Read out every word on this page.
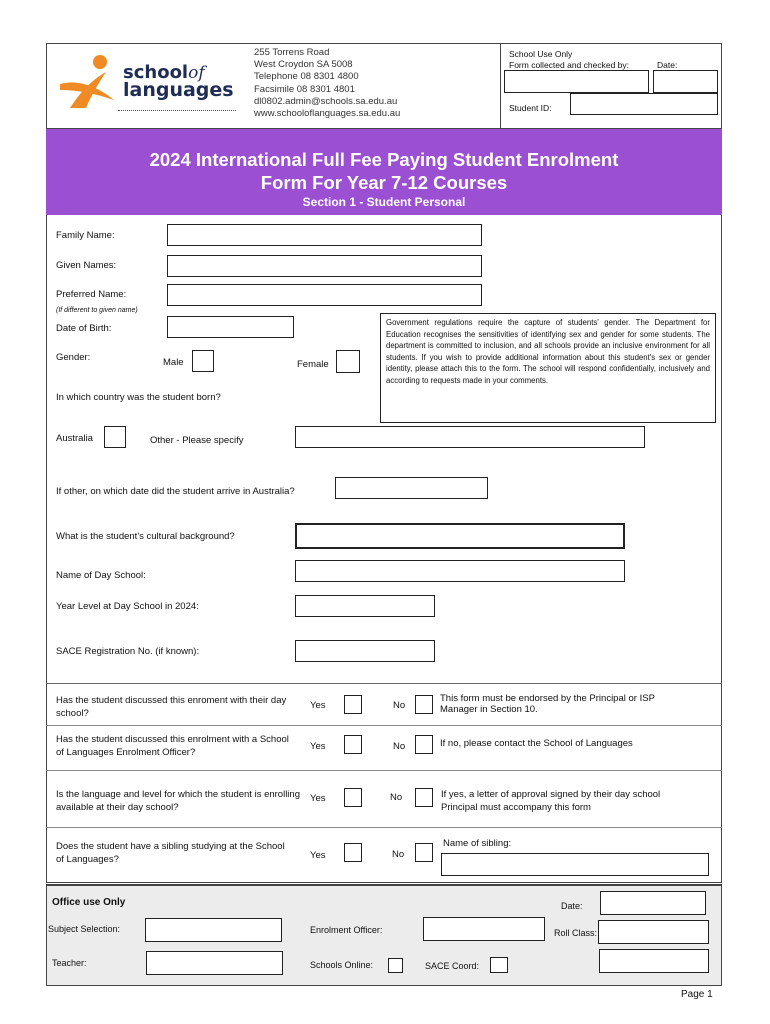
schoolof
languages
255 Torrens Road
West Croydon SA 5008
Telephone 08 8301 4800
Facsimile 08 8301 4801
dl0802.admin@schools.sa.edu.au
www.schooloflanguages.sa.edu.au
School Use Only
Form collected and checked by:	Date:
Student ID:
2024 International Full Fee Paying Student Enrolment
Form For Year 7-12 Courses
Section 1 - Student Personal
Family Name:
Given Names:
Preferred Name:
(If different to given name)
Date of Birth:
Government regulations require the capture of students' gender. The Department for Education recognises the sensitivities of identifying sex and gender for some students. The department is committed to inclusion, and all schools provide an inclusive environment for all students. If you wish to provide additional information about this student's sex or gender identity, please attach this to the form. The school will respond confidentially, inclusively and according to requests made in your comments.
Gender:	Male	Female
In which country was the student born?
Australia	Other - Please specify
If other, on which date did the student arrive in Australia?
What is the student's cultural background?
Name of Day School:
Year Level at Day School in 2024:
SACE Registration No. (if known):
Has the student discussed this enroment with their day school?
Yes	No
This form must be endorsed by the Principal or ISP Manager in Section 10.
Has the student discussed this enrolment with a School of Languages Enrolment Officer?
Yes	No	If no, please contact the School of Languages
Is the language and level for which the student is enrolling available at their day school?
Yes	No	If yes, a letter of approval signed by their day school Principal must accompany this form
Does the student have a sibling studying at the School of Languages?	Yes	No
Name of sibling:
Office use Only	Date:
Subject Selection:	Enrolment Officer:	Roll Class:
Teacher:	Schools Online:	SACE Coord:
Page 1
